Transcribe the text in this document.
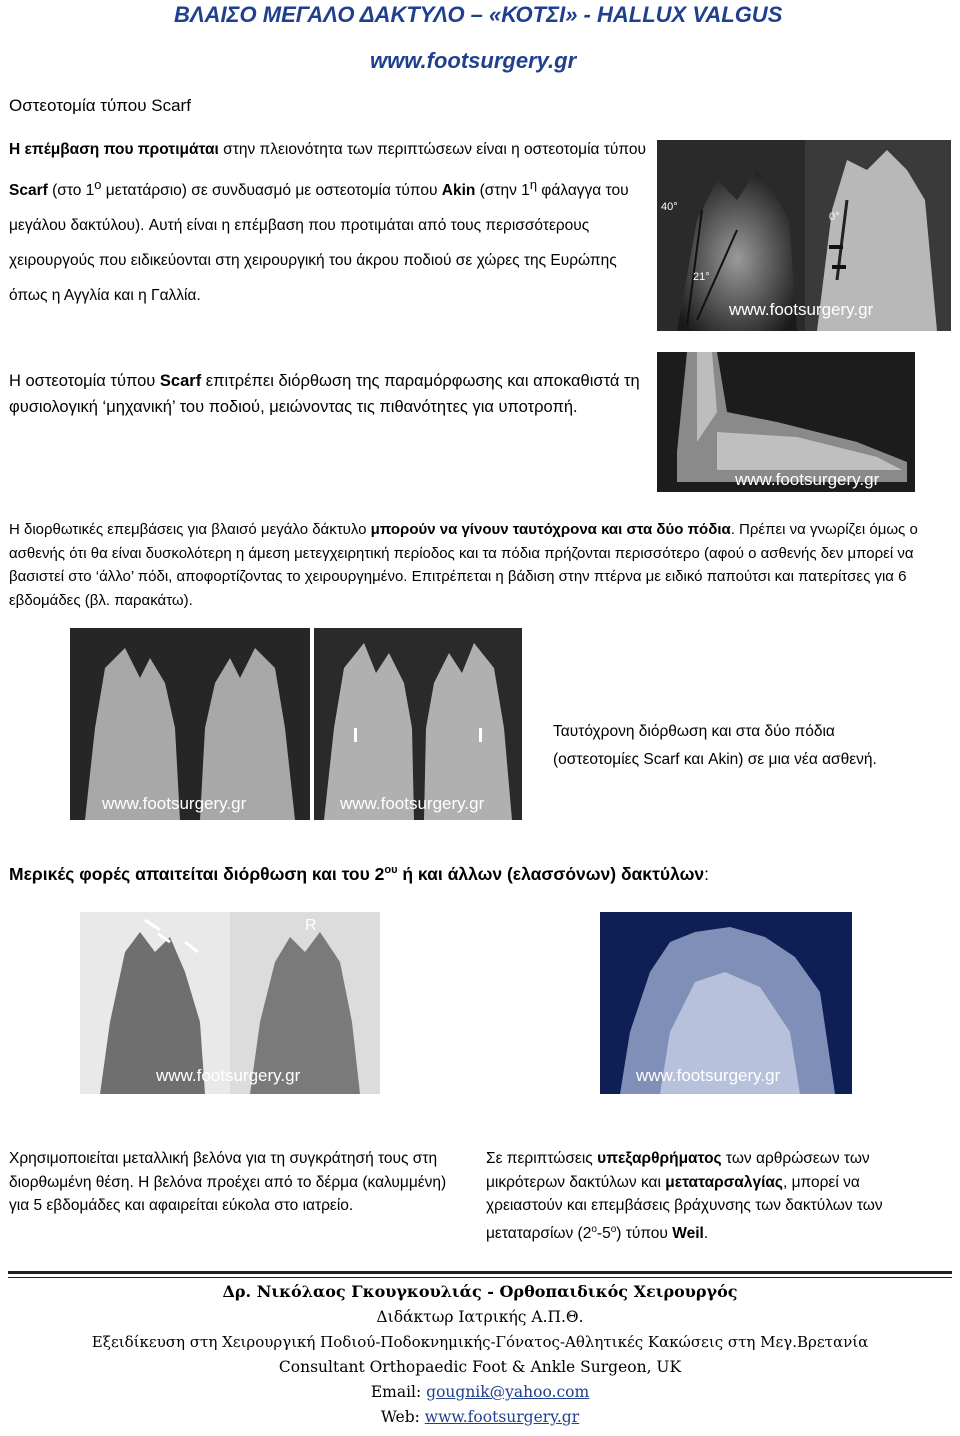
ΒΛΑΙΣΟ ΜΕΓΑΛΟ ΔΑΚΤΥΛΟ – «ΚΟΤΣΙ» - HALLUX VALGUS
www.footsurgery.gr
Οστεοτομία τύπου Scarf
Η επέμβαση που προτιμάται στην πλειονότητα των περιπτώσεων είναι η οστεοτομία τύπου Scarf (στο $1^o$ μετατάρσιο) σε συνδυασμό με οστεοτομία τύπου Akin (στην $1^\eta$ φάλαγγα του μεγάλου δακτύλου). Αυτή είναι η επέμβαση που προτιμάται από τους περισσότερους χειρουργούς που ειδικεύονται στη χειρουργική του άκρου ποδιού σε χώρες της Ευρώπης όπως η Αγγλία και η Γαλλία.
40°
21°
0°
www.footsurgery.gr
Η οστεοτομία τύπου Scarf επιτρέπει διόρθωση της παραμόρφωσης και αποκαθιστά τη φυσιολογική ‘μηχανική’ του ποδιού, μειώνοντας τις πιθανότητες για υποτροπή.
www.footsurgery.gr
Η διορθωτικές επεμβάσεις για βλαισό μεγάλο δάκτυλο μπορούν να γίνουν ταυτόχρονα και στα δύο πόδια. Πρέπει να γνωρίζει όμως ο ασθενής ότι θα είναι δυσκολότερη η άμεση μετεγχειρητική περίοδος και τα πόδια πρήζονται περισσότερο (αφού ο ασθενής δεν μπορεί να βασιστεί στο ‘άλλο’ πόδι, αποφορτίζοντας το χειρουργημένο. Επιτρέπεται η βάδιση στην πτέρνα με ειδικό παπούτσι και πατερίτσες για 6 εβδομάδες (βλ. παρακάτω).
www.footsurgery.gr	www.footsurgery.gr
Ταυτόχρονη διόρθωση και στα δύο πόδια
(οστεοτομίες Scarf και Akin) σε μια νέα ασθενή.
Μερικές φορές απαιτείται διόρθωση και του $2^{o\upsilon}$ ή και άλλων (ελασσόνων) δακτύλων:
R
www.footsurgery.gr	www.footsurgery.gr
Χρησιμοποιείται μεταλλική βελόνα για τη συγκράτησή τους στη διορθωμένη θέση. Η βελόνα προέχει από το δέρμα (καλυμμένη) για 5 εβδομάδες και αφαιρείται εύκολα στο ιατρείο.
Σε περιπτώσεις υπεξαρθρήματος των αρθρώσεων των μικρότερων δακτύλων και μεταταρσαλγίας, μπορεί να χρειαστούν και επεμβάσεις βράχυνσης των δακτύλων των μεταταρσίων $(2^o-5^o)$ τύπου Weil.
Δρ. Νικόλαος Γκουγκουλιάς - Ορθοπαιδικός Χειρουργός
Διδάκτωρ Ιατρικής Α.Π.Θ.
Εξειδίκευση στη Χειρουργική Ποδιού-Ποδοκνημικής-Γόνατος-Αθλητικές Κακώσεις στη Μεγ.Βρετανία
Consultant Orthopaedic Foot & Ankle Surgeon, UK
Email: gougnik@yahoo.com
Web: www.footsurgery.gr
